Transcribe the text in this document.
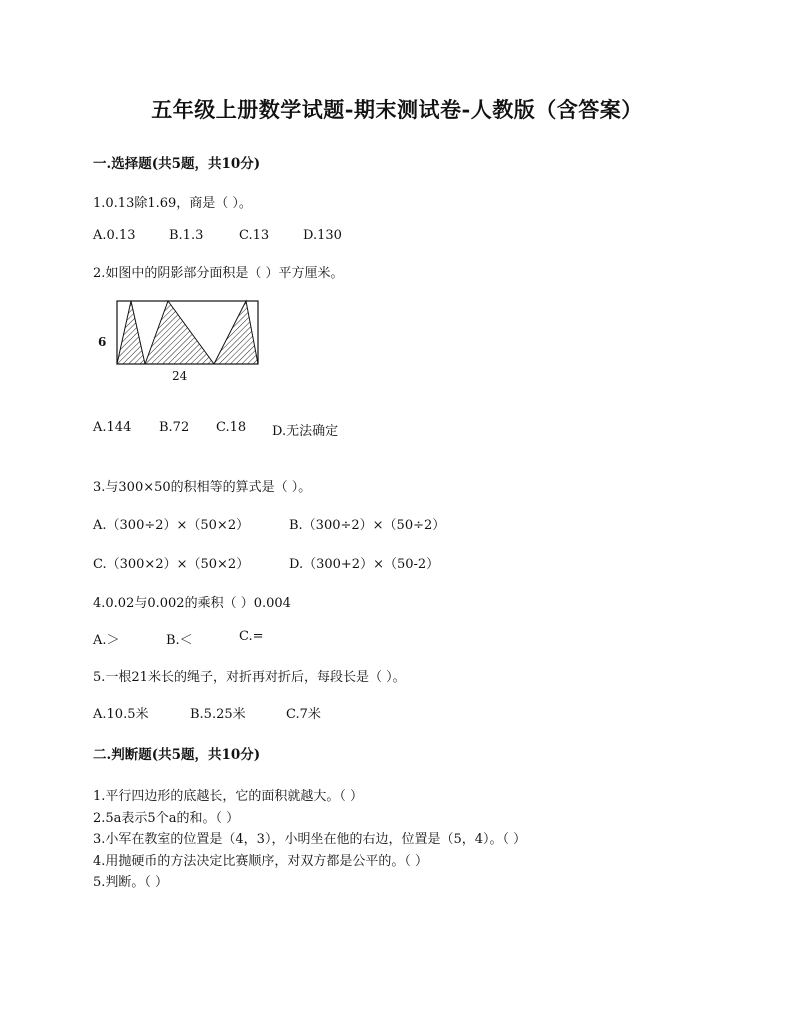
五年级上册数学试题-期末测试卷-人教版（含答案）
一.选择题(共5题，共10分)
1.0.13除1.69，商是（ ）。
A.0.13	B.1.3	C.13	D.130
2.如图中的阴影部分面积是（ ）平方厘米。
6
24
A.144 B.72 C.18 D.无法确定
3.与300×50的积相等的算式是（ ）。
A.（300÷2）×（50×2）	B.（300÷2）×（50÷2）
C.（300×2）×（50×2）	D.（300+2）×（50-2）
4.0.02与0.002的乘积（ ）0.004
A.＞	B.＜	C.=
5.一根21米长的绳子，对折再对折后，每段长是（ ）。
A.10.5米	B.5.25米	C.7米
二.判断题(共5题，共10分)
1.平行四边形的底越长，它的面积就越大。（ ）
2.5a表示5个a的和。（ ）
3.小军在教室的位置是（4，3），小明坐在他的右边，位置是（5，4）。（ ）
4.用抛硬币的方法决定比赛顺序，对双方都是公平的。（ ）
5.判断。（ ）
